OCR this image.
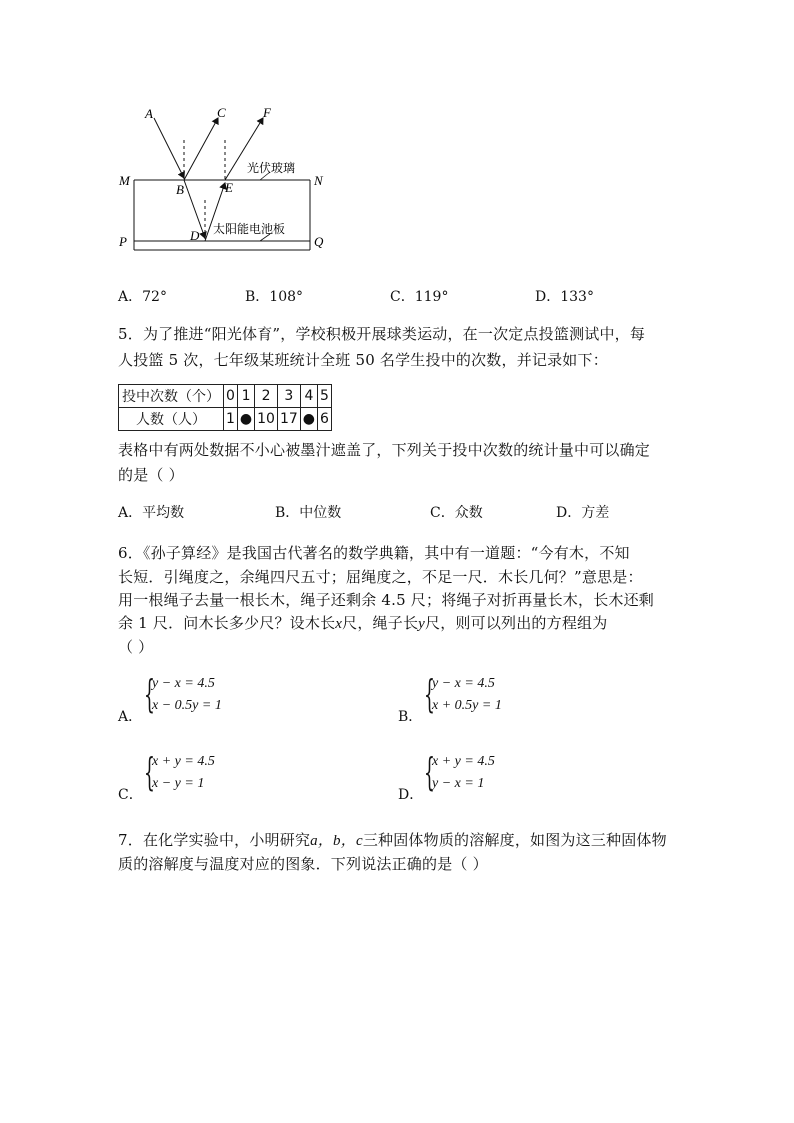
A	C	F
M	N
B	E
P	Q
D
光伏玻璃
太阳能电池板
A．72°	B．108°	C．119°	D．133°
5．为了推进“阳光体育”，学校积极开展球类运动，在一次定点投篮测试中，每
人投篮 5 次，七年级某班统计全班 50 名学生投中的次数，并记录如下：
投中次数（个）	0	1	2	3	4	5
人数（人）	1	●	10	17	●	6
表格中有两处数据不小心被墨汁遮盖了，下列关于投中次数的统计量中可以确定
的是（ ）
A．平均数	B．中位数	C．众数	D．方差
6．《孙子算经》是我国古代著名的数学典籍，其中有一道题：“今有木，不知
长短．引绳度之，余绳四尺五寸；屈绳度之，不足一尺．木长几何？”意思是：
用一根绳子去量一根长木，绳子还剩余 4.5 尺；将绳子对折再量长木，长木还剩
余 1 尺．问木长多少尺？设木长x尺，绳子长y尺，则可以列出的方程组为
（ ）
A．
{
y − x = 4.5
x − 0.5y = 1
B．
{
y − x = 4.5
x + 0.5y = 1
C．
{
x + y = 4.5
x − y = 1
D．
{
x + y = 4.5
y − x = 1
7．在化学实验中，小明研究a，b，c三种固体物质的溶解度，如图为这三种固体物
质的溶解度与温度对应的图象．下列说法正确的是（ ）
